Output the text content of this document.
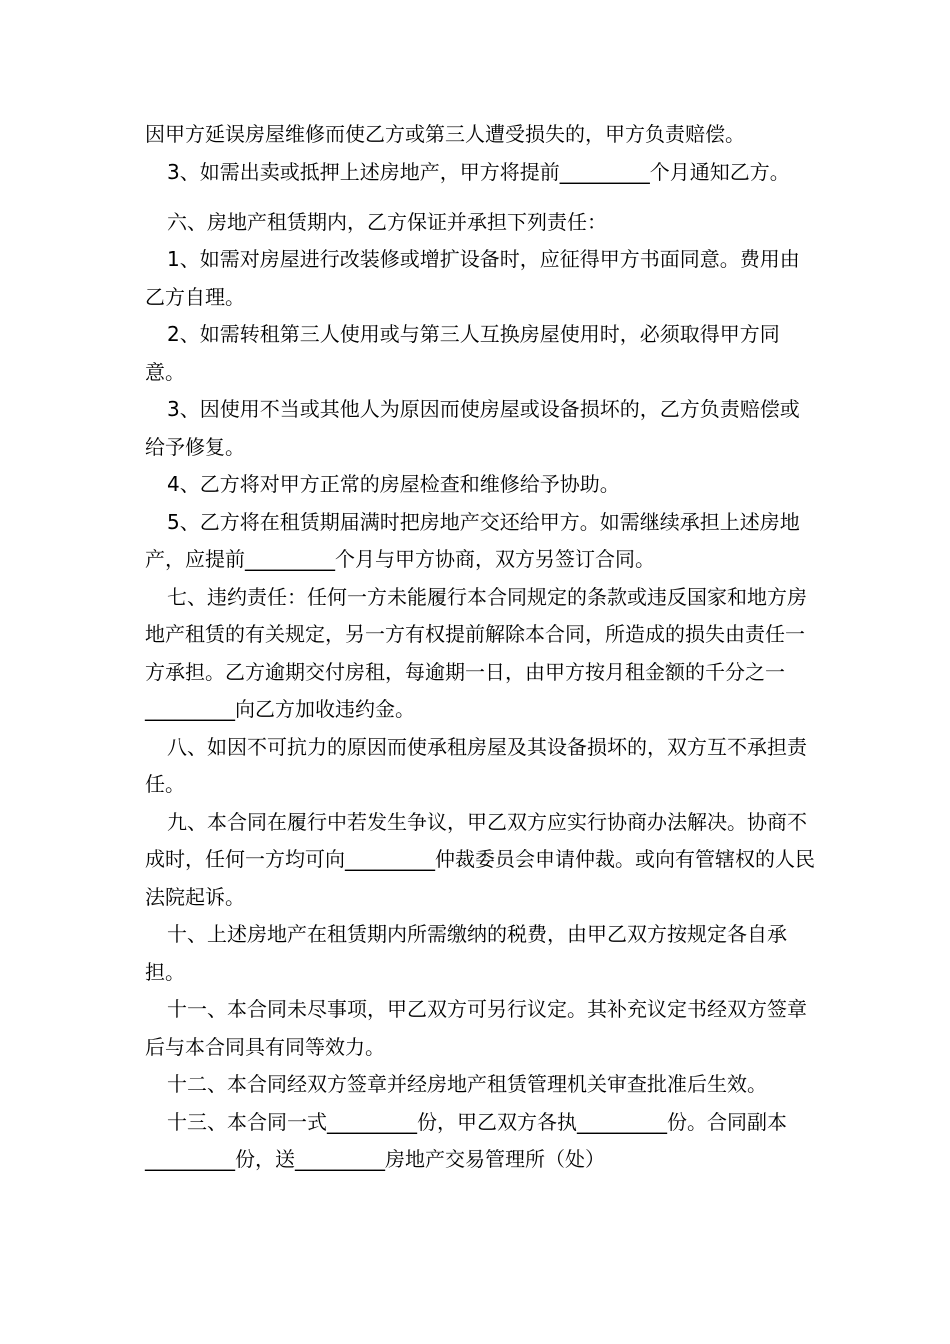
因甲方延误房屋维修而使乙方或第三人遭受损失的，甲方负责赔偿。

3、如需出卖或抵押上述房地产，甲方将提前_________个月通知乙方。

六、房地产租赁期内，乙方保证并承担下列责任：

1、如需对房屋进行改装修或增扩设备时，应征得甲方书面同意。费用由乙方自理。

2、如需转租第三人使用或与第三人互换房屋使用时，必须取得甲方同意。

3、因使用不当或其他人为原因而使房屋或设备损坏的，乙方负责赔偿或给予修复。

4、乙方将对甲方正常的房屋检查和维修给予协助。

5、乙方将在租赁期届满时把房地产交还给甲方。如需继续承担上述房地产，应提前_________个月与甲方协商，双方另签订合同。

七、违约责任：任何一方未能履行本合同规定的条款或违反国家和地方房地产租赁的有关规定，另一方有权提前解除本合同，所造成的损失由责任一方承担。乙方逾期交付房租，每逾期一日，由甲方按月租金额的千分之一_________向乙方加收违约金。

八、如因不可抗力的原因而使承租房屋及其设备损坏的，双方互不承担责任。

九、本合同在履行中若发生争议，甲乙双方应实行协商办法解决。协商不成时，任何一方均可向_________仲裁委员会申请仲裁。或向有管辖权的人民法院起诉。

十、上述房地产在租赁期内所需缴纳的税费，由甲乙双方按规定各自承担。

十一、本合同未尽事项，甲乙双方可另行议定。其补充议定书经双方签章后与本合同具有同等效力。

十二、本合同经双方签章并经房地产租赁管理机关审查批准后生效。

十三、本合同一式_________份，甲乙双方各执_________份。合同副本_________份，送_________房地产交易管理所（处）
